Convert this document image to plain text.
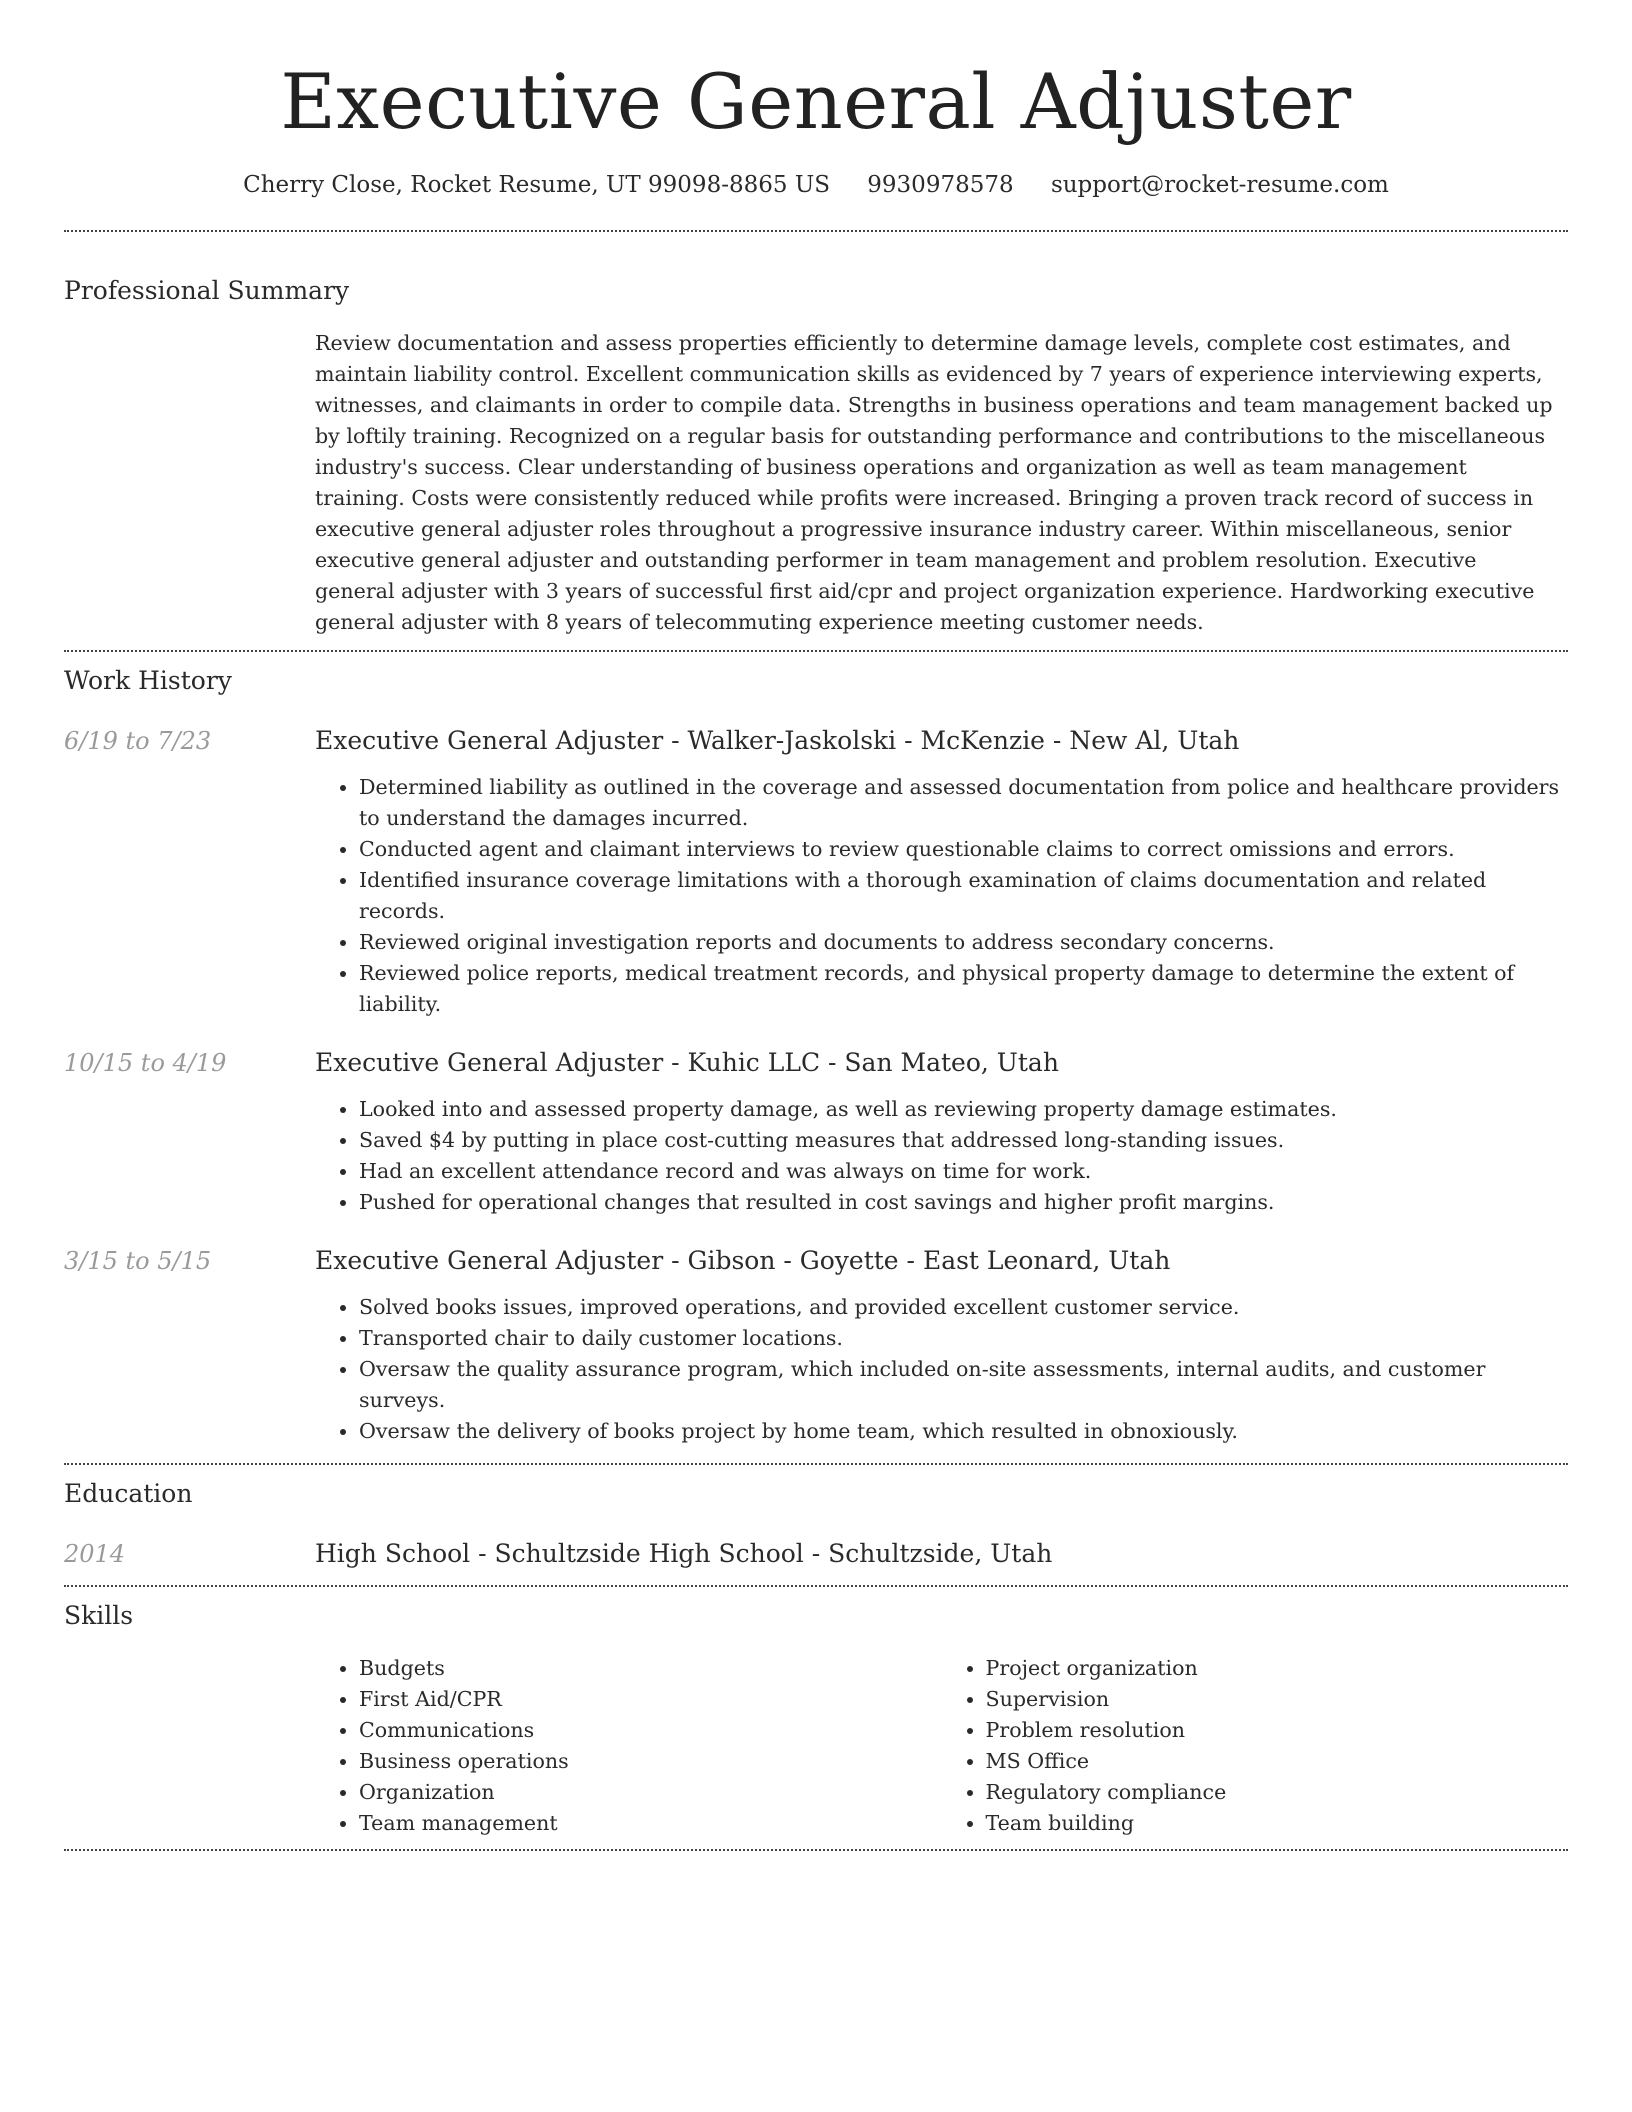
Executive General Adjuster
Cherry Close, Rocket Resume, UT 99098-8865 US 9930978578 support@rocket-resume.com
Professional Summary
Review documentation and assess properties efficiently to determine damage levels, complete cost estimates, and maintain liability control. Excellent communication skills as evidenced by 7 years of experience interviewing experts, witnesses, and claimants in order to compile data. Strengths in business operations and team management backed up by loftily training. Recognized on a regular basis for outstanding performance and contributions to the miscellaneous industry's success. Clear understanding of business operations and organization as well as team management training. Costs were consistently reduced while profits were increased. Bringing a proven track record of success in executive general adjuster roles throughout a progressive insurance industry career. Within miscellaneous, senior executive general adjuster and outstanding performer in team management and problem resolution. Executive general adjuster with 3 years of successful first aid/cpr and project organization experience. Hardworking executive general adjuster with 8 years of telecommuting experience meeting customer needs.
Work History
6/19 to 7/23	Executive General Adjuster - Walker-Jaskolski - McKenzie - New Al, Utah
• Determined liability as outlined in the coverage and assessed documentation from police and healthcare providers to understand the damages incurred.
• Conducted agent and claimant interviews to review questionable claims to correct omissions and errors.
• Identified insurance coverage limitations with a thorough examination of claims documentation and related records.
• Reviewed original investigation reports and documents to address secondary concerns.
• Reviewed police reports, medical treatment records, and physical property damage to determine the extent of liability.
10/15 to 4/19	Executive General Adjuster - Kuhic LLC - San Mateo, Utah
• Looked into and assessed property damage, as well as reviewing property damage estimates.
• Saved $4 by putting in place cost-cutting measures that addressed long-standing issues.
• Had an excellent attendance record and was always on time for work.
• Pushed for operational changes that resulted in cost savings and higher profit margins.
3/15 to 5/15	Executive General Adjuster - Gibson - Goyette - East Leonard, Utah
• Solved books issues, improved operations, and provided excellent customer service.
• Transported chair to daily customer locations.
• Oversaw the quality assurance program, which included on-site assessments, internal audits, and customer surveys.
• Oversaw the delivery of books project by home team, which resulted in obnoxiously.
Education
2014	High School - Schultzside High School - Schultzside, Utah
Skills
• Budgets
• First Aid/CPR
• Communications
• Business operations
• Organization
• Team management
• Project organization
• Supervision
• Problem resolution
• MS Office
• Regulatory compliance
• Team building
